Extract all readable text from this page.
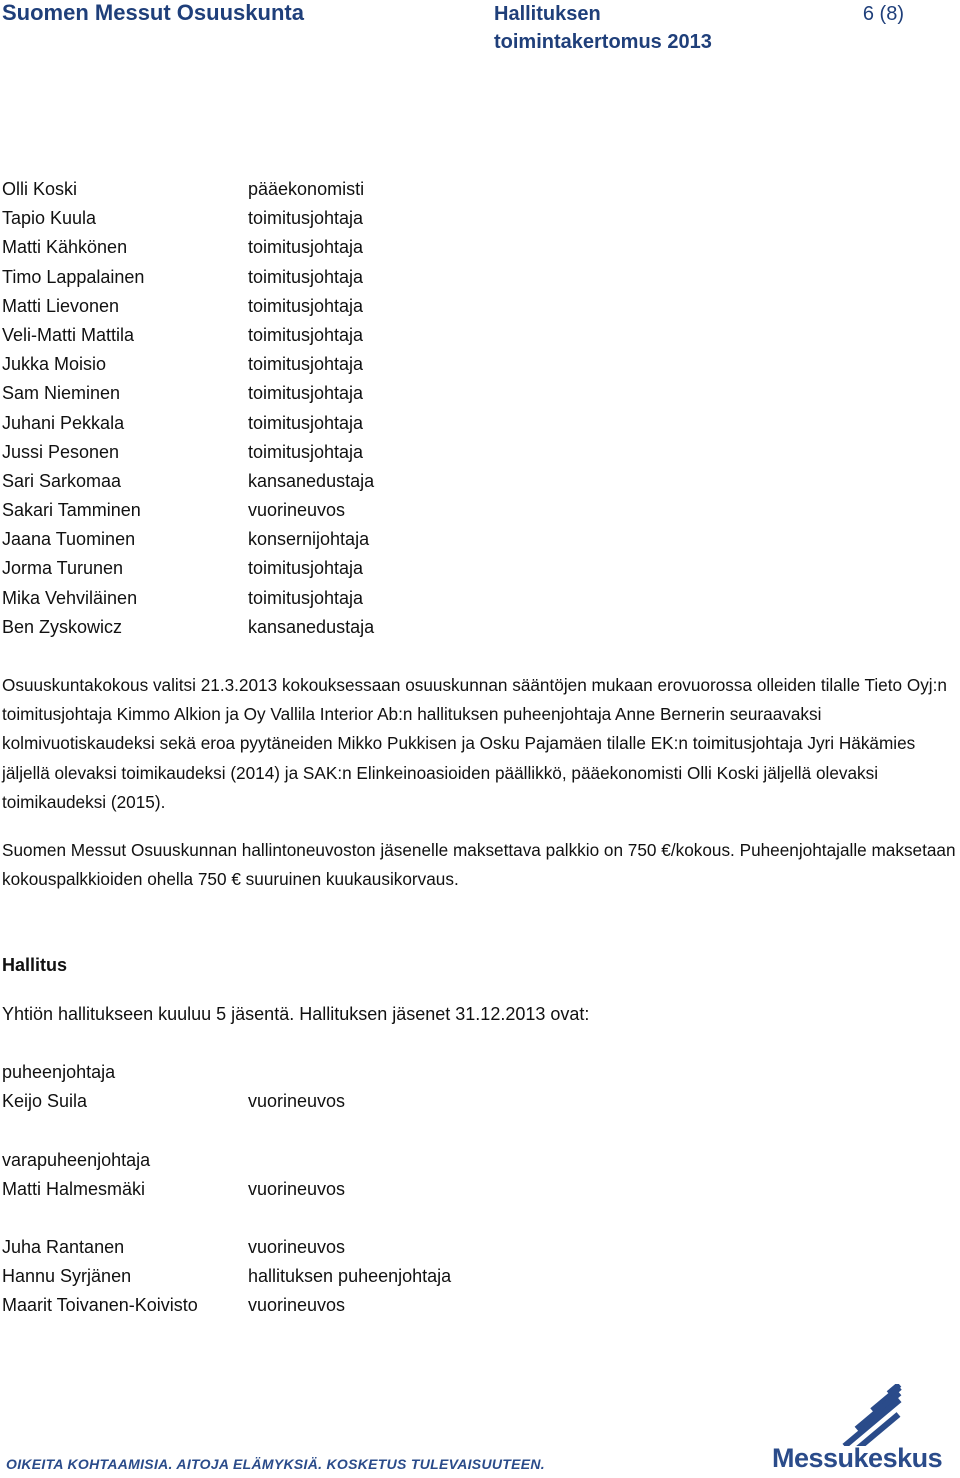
Suomen Messut Osuuskunta	Hallituksen
toimintakertomus 2013
6 (8)
Olli Koski	pääekonomisti
Tapio Kuula	toimitusjohtaja
Matti Kähkönen	toimitusjohtaja
Timo Lappalainen	toimitusjohtaja
Matti Lievonen	toimitusjohtaja
Veli-Matti Mattila	toimitusjohtaja
Jukka Moisio	toimitusjohtaja
Sam Nieminen	toimitusjohtaja
Juhani Pekkala	toimitusjohtaja
Jussi Pesonen	toimitusjohtaja
Sari Sarkomaa	kansanedustaja
Sakari Tamminen	vuorineuvos
Jaana Tuominen	konsernijohtaja
Jorma Turunen	toimitusjohtaja
Mika Vehviläinen	toimitusjohtaja
Ben Zyskowicz	kansanedustaja
Osuuskuntakokous valitsi 21.3.2013 kokouksessaan osuuskunnan sääntöjen mukaan erovuorossa olleiden tilalle Tieto Oyj:n toimitusjohtaja Kimmo Alkion ja Oy Vallila Interior Ab:n hallituksen puheenjohtaja Anne Bernerin seuraavaksi kolmivuotiskaudeksi sekä eroa pyytäneiden Mikko Pukkisen ja Osku Pajamäen tilalle EK:n toimitusjohtaja Jyri Häkämies jäljellä olevaksi toimikaudeksi (2014) ja SAK:n Elinkeinoasioiden päällikkö, pääekonomisti Olli Koski jäljellä olevaksi toimikaudeksi (2015).
Suomen Messut Osuuskunnan hallintoneuvoston jäsenelle maksettava palkkio on 750 €/kokous. Puheenjohtajalle maksetaan kokouspalkkioiden ohella 750 € suuruinen kuukausikorvaus.
Hallitus
Yhtiön hallitukseen kuuluu 5 jäsentä. Hallituksen jäsenet 31.12.2013 ovat:
puheenjohtaja
Keijo Suila	vuorineuvos
varapuheenjohtaja
Matti Halmesmäki	vuorineuvos
Juha Rantanen	vuorineuvos
Hannu Syrjänen	hallituksen puheenjohtaja
Maarit Toivanen-Koivisto	vuorineuvos
OIKEITA KOHTAAMISIA. AITOJA ELÄMYKSIÄ. KOSKETUS TULEVAISUUTEEN.	Messukeskus
